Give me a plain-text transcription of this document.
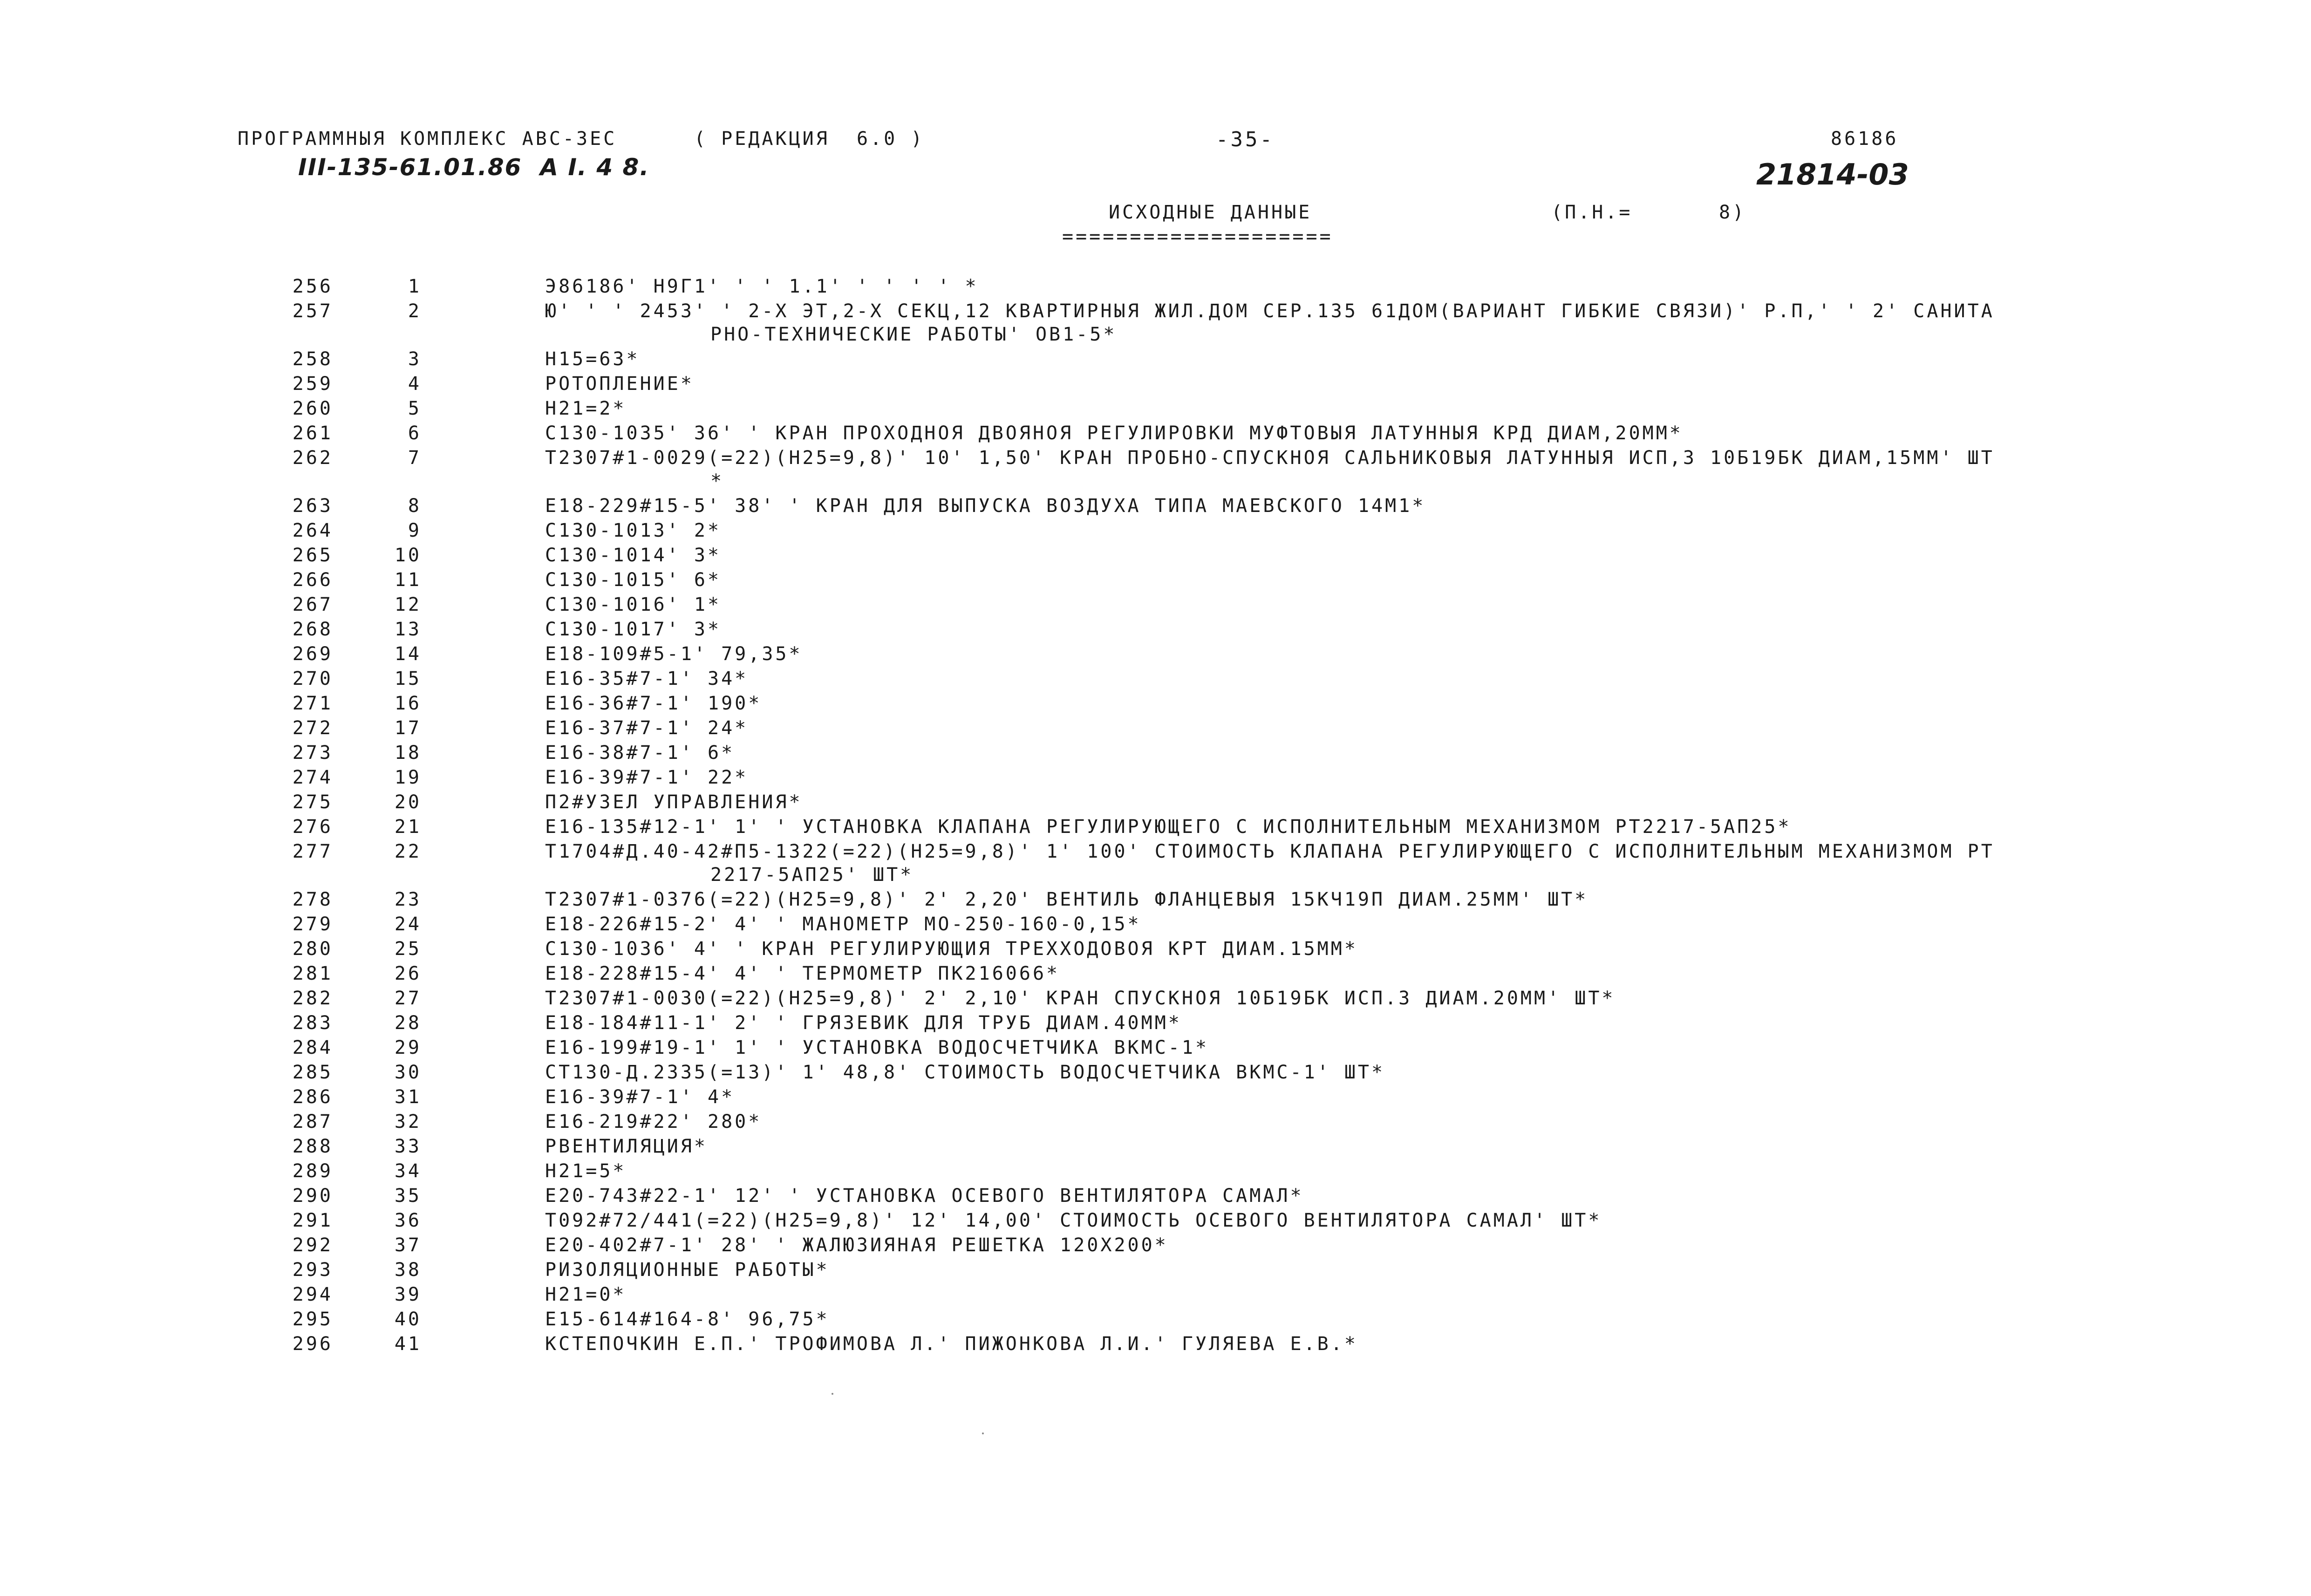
ПРОГРАММНЫЯ КОМПЛЕКС АВС-3ЕС	( РЕДАКЦИЯ  6.0 )	-35-	86186
III-135-61.01.86  А I. 4 8.	21814-03
ИСХОДНЫЕ ДАННЫЕ	(П.Н.=	8)
====================
256	1	Э86186' Н9Г1' ' ' 1.1' ' ' ' ' *
257	2	Ю' ' ' 2453' ' 2-Х ЭТ,2-Х СЕКЦ,12 КВАРТИРНЫЯ ЖИЛ.ДОМ СЕР.135 61ДОМ(ВАРИАНТ ГИБКИЕ СВЯЗИ)' Р.П,' ' 2' САНИТА
РНО-ТЕХНИЧЕСКИЕ РАБОТЫ' ОВ1-5*
258	3	Н15=63*
259	4	РОТОПЛЕНИЕ*
260	5	Н21=2*
261	6	С130-1035' 36' ' КРАН ПРОХОДНОЯ ДВОЯНОЯ РЕГУЛИРОВКИ МУФТОВЫЯ ЛАТУННЫЯ КРД ДИАМ,20ММ*
262	7	Т2307#1-0029(=22)(Н25=9,8)' 10' 1,50' КРАН ПРОБНО-СПУСКНОЯ САЛЬНИКОВЫЯ ЛАТУННЫЯ ИСП,3 10Б19БК ДИАМ,15ММ' ШТ
*
263	8	Е18-229#15-5' 38' ' КРАН ДЛЯ ВЫПУСКА ВОЗДУХА ТИПА МАЕВСКОГО 14М1*
264	9	С130-1013' 2*
265	10	С130-1014' 3*
266	11	С130-1015' 6*
267	12	С130-1016' 1*
268	13	С130-1017' 3*
269	14	Е18-109#5-1' 79,35*
270	15	Е16-35#7-1' 34*
271	16	Е16-36#7-1' 190*
272	17	Е16-37#7-1' 24*
273	18	Е16-38#7-1' 6*
274	19	Е16-39#7-1' 22*
275	20	П2#УЗЕЛ УПРАВЛЕНИЯ*
276	21	Е16-135#12-1' 1' ' УСТАНОВКА КЛАПАНА РЕГУЛИРУЮЩЕГО С ИСПОЛНИТЕЛЬНЫМ МЕХАНИЗМОМ РТ2217-5АП25*
277	22	Т1704#Д.40-42#П5-1322(=22)(Н25=9,8)' 1' 100' СТОИМОСТЬ КЛАПАНА РЕГУЛИРУЮЩЕГО С ИСПОЛНИТЕЛЬНЫМ МЕХАНИЗМОМ РТ
2217-5АП25' ШТ*
278	23	Т2307#1-0376(=22)(Н25=9,8)' 2' 2,20' ВЕНТИЛЬ ФЛАНЦЕВЫЯ 15КЧ19П ДИАМ.25ММ' ШТ*
279	24	Е18-226#15-2' 4' ' МАНОМЕТР МО-250-160-0,15*
280	25	С130-1036' 4' ' КРАН РЕГУЛИРУЮЩИЯ ТРЕХХОДОВОЯ КРТ ДИАМ.15ММ*
281	26	Е18-228#15-4' 4' ' ТЕРМОМЕТР ПК216066*
282	27	Т2307#1-0030(=22)(Н25=9,8)' 2' 2,10' КРАН СПУСКНОЯ 10Б19БК ИСП.3 ДИАМ.20ММ' ШТ*
283	28	Е18-184#11-1' 2' ' ГРЯЗЕВИК ДЛЯ ТРУБ ДИАМ.40ММ*
284	29	Е16-199#19-1' 1' ' УСТАНОВКА ВОДОСЧЕТЧИКА ВКМС-1*
285	30	СТ130-Д.2335(=13)' 1' 48,8' СТОИМОСТЬ ВОДОСЧЕТЧИКА ВКМС-1' ШТ*
286	31	Е16-39#7-1' 4*
287	32	Е16-219#22' 280*
288	33	РВЕНТИЛЯЦИЯ*
289	34	Н21=5*
290	35	Е20-743#22-1' 12' ' УСТАНОВКА ОСЕВОГО ВЕНТИЛЯТОРА САМАЛ*
291	36	Т092#72/441(=22)(Н25=9,8)' 12' 14,00' СТОИМОСТЬ ОСЕВОГО ВЕНТИЛЯТОРА САМАЛ' ШТ*
292	37	Е20-402#7-1' 28' ' ЖАЛЮЗИЯНАЯ РЕШЕТКА 120Х200*
293	38	РИЗОЛЯЦИОННЫЕ РАБОТЫ*
294	39	Н21=0*
295	40	Е15-614#164-8' 96,75*
296	41	КСТЕПОЧКИН Е.П.' ТРОФИМОВА Л.' ПИЖОНКОВА Л.И.' ГУЛЯЕВА Е.В.*
